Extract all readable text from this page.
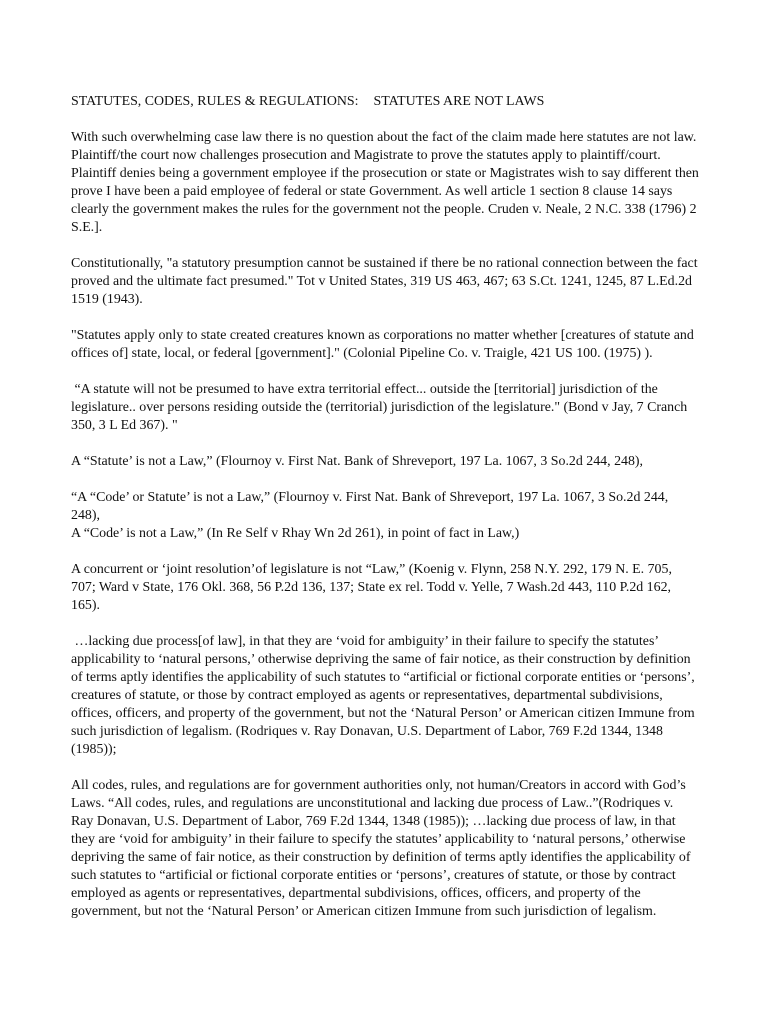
STATUTES, CODES, RULES & REGULATIONS: STATUTES ARE NOT LAWS

With such overwhelming case law there is no question about the fact of the claim made here statutes are not law. Plaintiff/the court now challenges prosecution and Magistrate to prove the statutes apply to plaintiff/court. Plaintiff denies being a government employee if the prosecution or state or Magistrates wish to say different then prove I have been a paid employee of federal or state Government. As well article 1 section 8 clause 14 says clearly the government makes the rules for the government not the people. Cruden v. Neale, 2 N.C. 338 (1796) 2 S.E.].

Constitutionally, "a statutory presumption cannot be sustained if there be no rational connection between the fact proved and the ultimate fact presumed." Tot v United States, 319 US 463, 467; 63 S.Ct. 1241, 1245, 87 L.Ed.2d 1519 (1943).

"Statutes apply only to state created creatures known as corporations no matter whether [creatures of statute and offices of] state, local, or federal [government]." (Colonial Pipeline Co. v. Traigle, 421 US 100. (1975) ).

“A statute will not be presumed to have extra territorial effect... outside the [territorial] jurisdiction of the legislature.. over persons residing outside the (territorial) jurisdiction of the legislature." (Bond v Jay, 7 Cranch 350, 3 L Ed 367). "

A “Statute’ is not a Law,” (Flournoy v. First Nat. Bank of Shreveport, 197 La. 1067, 3 So.2d 244, 248),

“A “Code’ or Statute’ is not a Law,” (Flournoy v. First Nat. Bank of Shreveport, 197 La. 1067, 3 So.2d 244, 248),

A “Code’ is not a Law,” (In Re Self v Rhay Wn 2d 261), in point of fact in Law,)

A concurrent or ‘joint resolution’of legislature is not “Law,” (Koenig v. Flynn, 258 N.Y. 292, 179 N. E. 705, 707; Ward v State, 176 Okl. 368, 56 P.2d 136, 137; State ex rel. Todd v. Yelle, 7 Wash.2d 443, 110 P.2d 162, 165).

…lacking due process[of law], in that they are ‘void for ambiguity’ in their failure to specify the statutes’ applicability to ‘natural persons,’ otherwise depriving the same of fair notice, as their construction by definition of terms aptly identifies the applicability of such statutes to “artificial or fictional corporate entities or ‘persons’, creatures of statute, or those by contract employed as agents or representatives, departmental subdivisions, offices, officers, and property of the government, but not the ‘Natural Person’ or American citizen Immune from such jurisdiction of legalism. (Rodriques v. Ray Donavan, U.S. Department of Labor, 769 F.2d 1344, 1348 (1985));

All codes, rules, and regulations are for government authorities only, not human/Creators in accord with God’s Laws. “All codes, rules, and regulations are unconstitutional and lacking due process of Law..”(Rodriques v. Ray Donavan, U.S. Department of Labor, 769 F.2d 1344, 1348 (1985)); …lacking due process of law, in that they are ‘void for ambiguity’ in their failure to specify the statutes’ applicability to ‘natural persons,’ otherwise depriving the same of fair notice, as their construction by definition of terms aptly identifies the applicability of such statutes to “artificial or fictional corporate entities or ‘persons’, creatures of statute, or those by contract employed as agents or representatives, departmental subdivisions, offices, officers, and property of the government, but not the ‘Natural Person’ or American citizen Immune from such jurisdiction of legalism.
